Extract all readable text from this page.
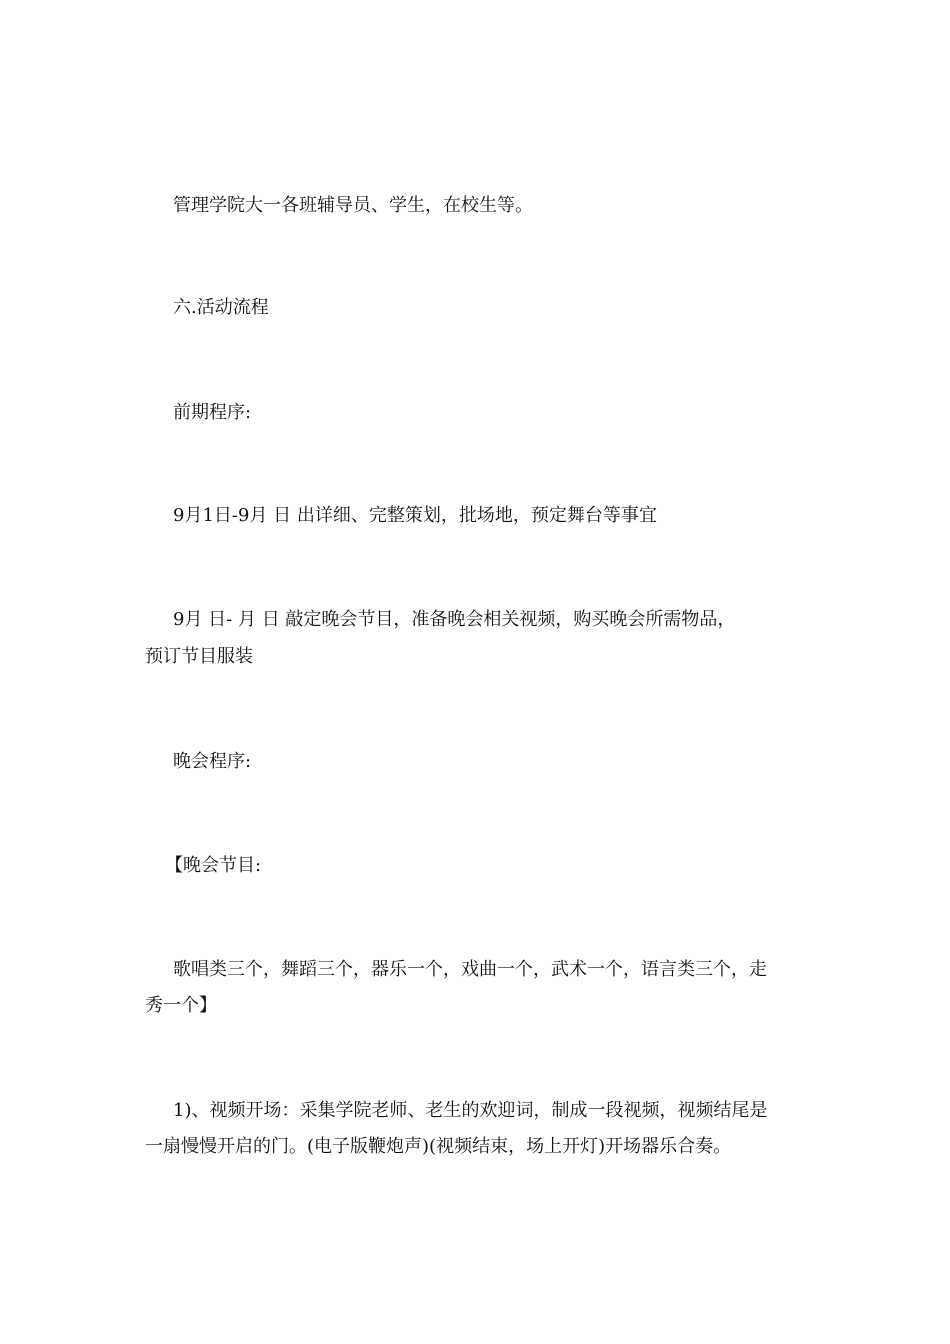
管理学院大一各班辅导员、学生，在校生等。
六.活动流程
前期程序:
9月1日-9月 日 出详细、完整策划，批场地，预定舞台等事宜
9月 日- 月 日 敲定晚会节目，准备晚会相关视频，购买晚会所需物品，
预订节目服装
晚会程序:
【晚会节目:
歌唱类三个，舞蹈三个，器乐一个，戏曲一个，武术一个，语言类三个，走
秀一个】
1)、视频开场：采集学院老师、老生的欢迎词，制成一段视频，视频结尾是
一扇慢慢开启的门。(电子版鞭炮声)(视频结束，场上开灯)开场器乐合奏。
